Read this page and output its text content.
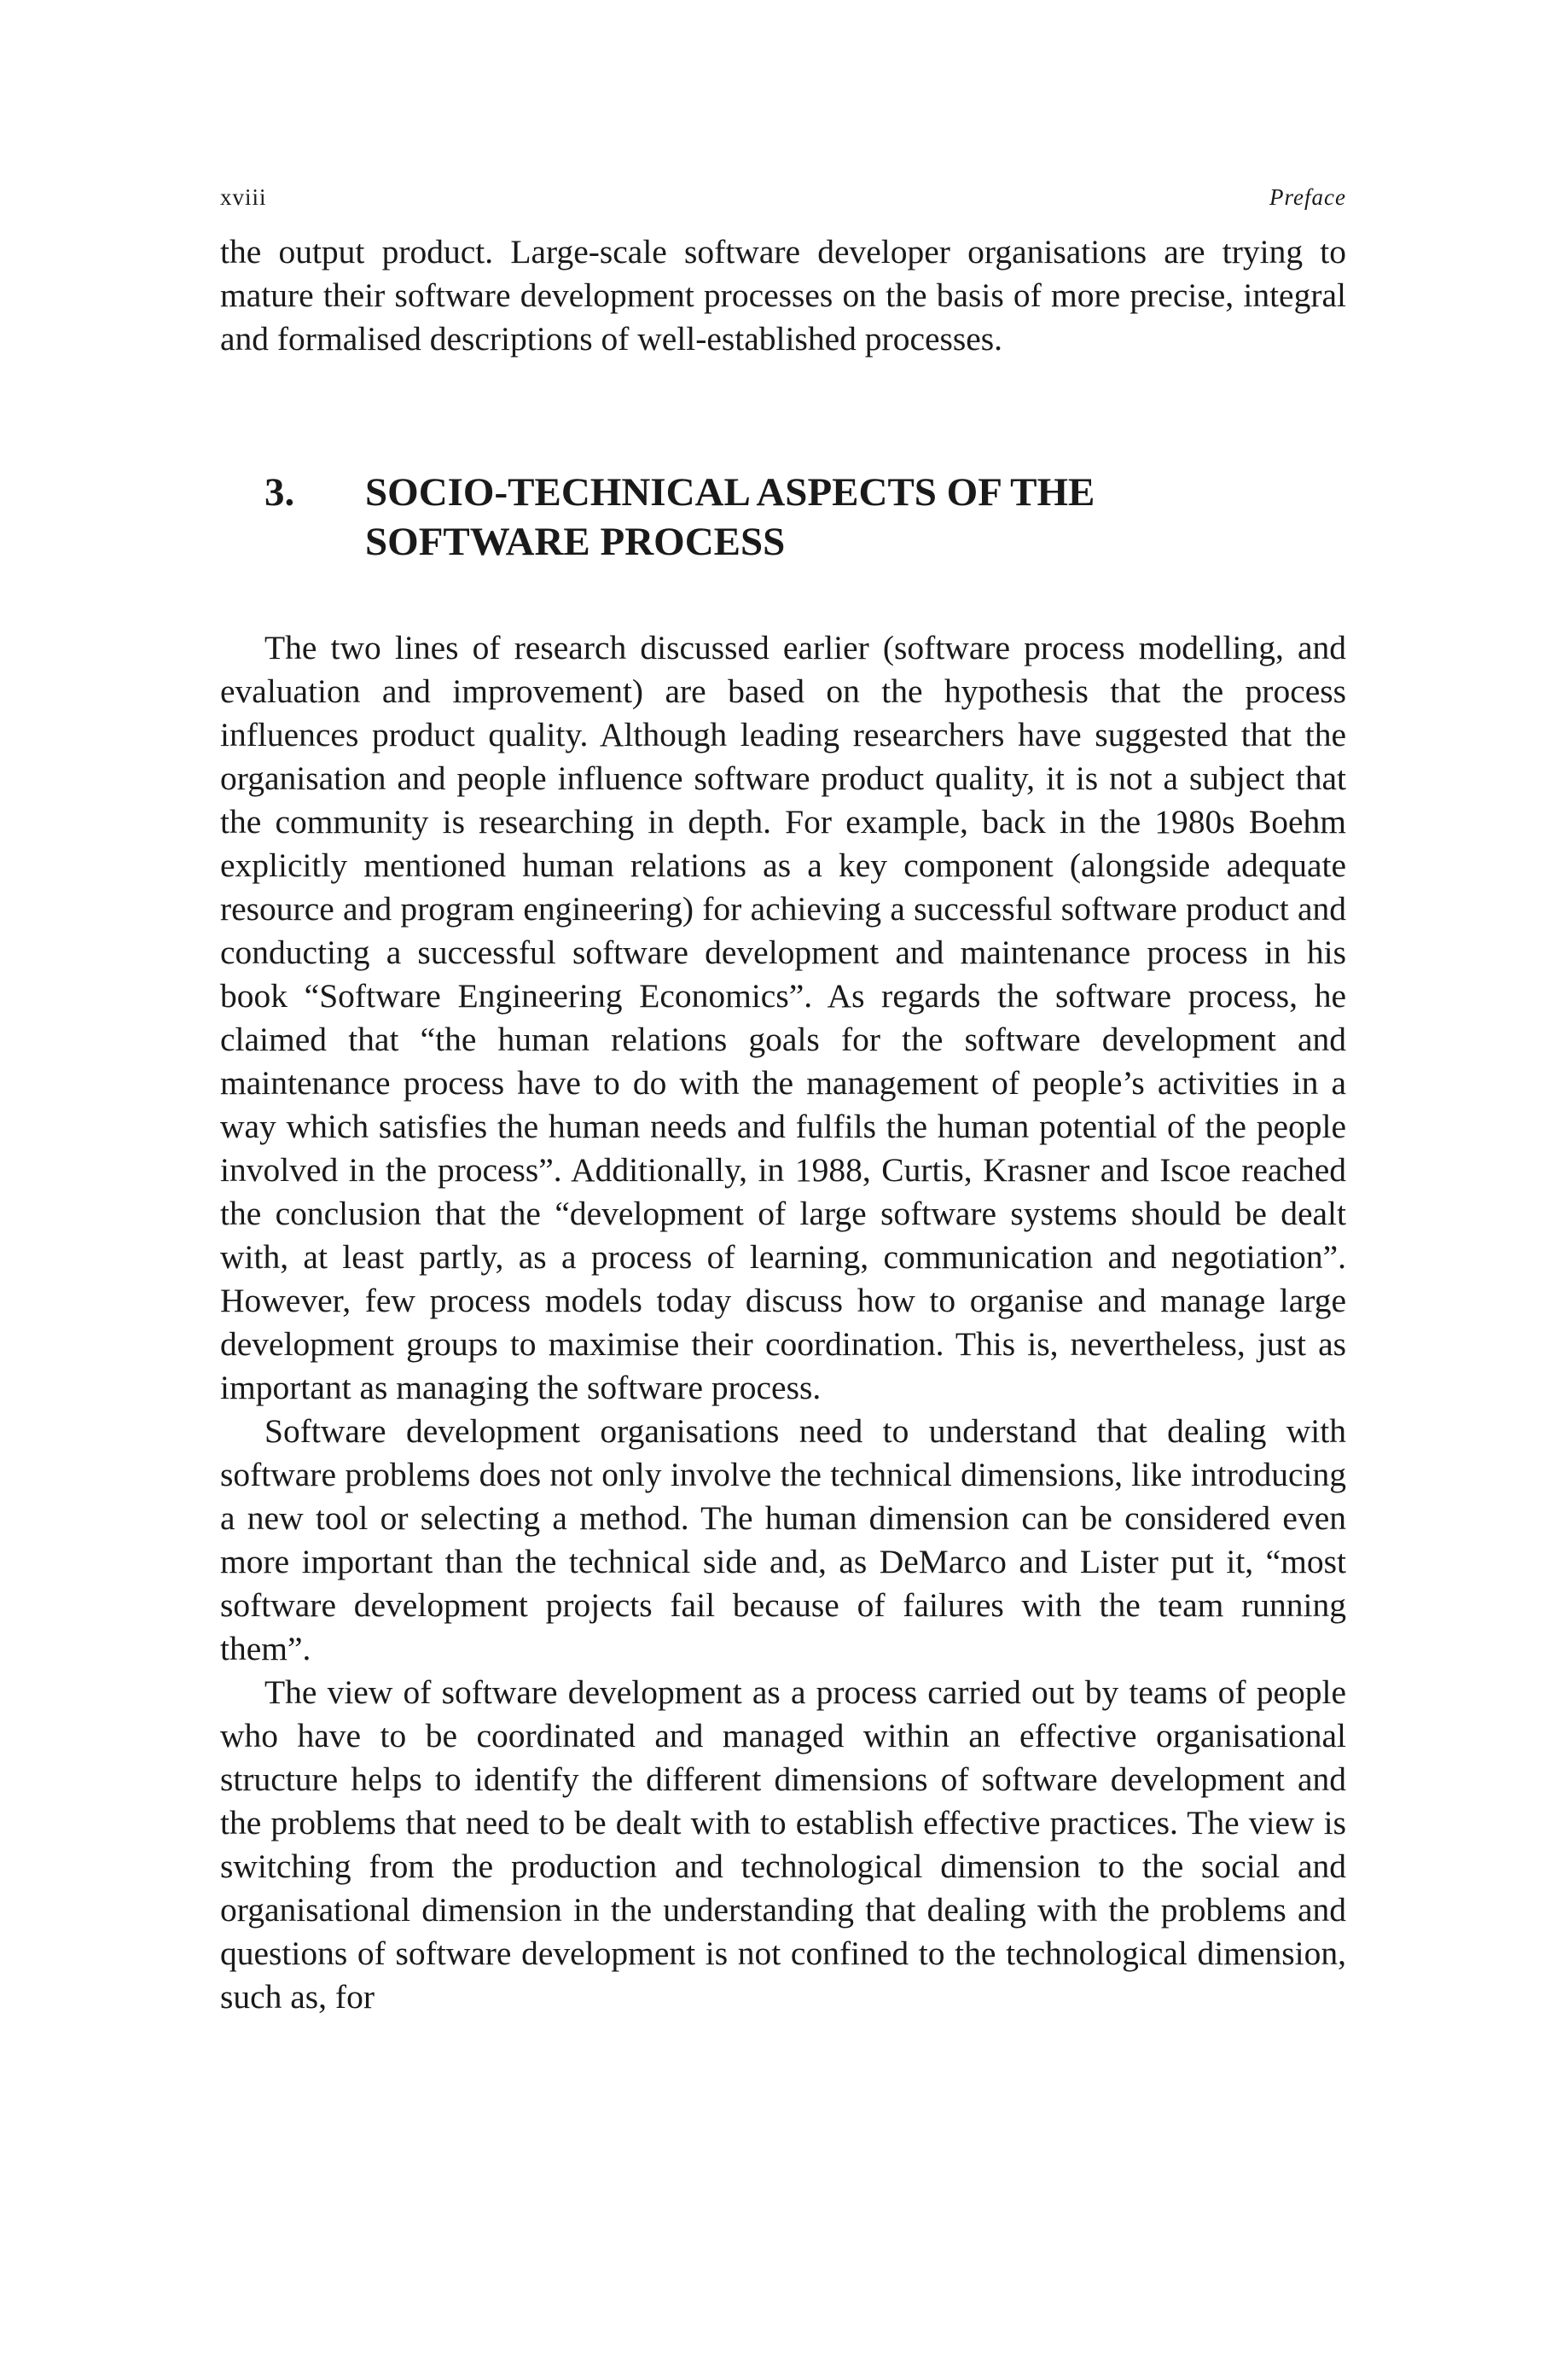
xviii	Preface

the output product. Large-scale software developer organisations are trying to mature their software development processes on the basis of more precise, integral and formalised descriptions of well-established processes.

3. SOCIO-TECHNICAL ASPECTS OF THE
SOFTWARE PROCESS

The two lines of research discussed earlier (software process modelling, and evaluation and improvement) are based on the hypothesis that the process influences product quality. Although leading researchers have suggested that the organisation and people influence software product quality, it is not a subject that the community is researching in depth. For example, back in the 1980s Boehm explicitly mentioned human relations as a key component (alongside adequate resource and program engineering) for achieving a successful software product and conducting a successful software development and maintenance process in his book “Software Engineering Economics”. As regards the software process, he claimed that “the human relations goals for the software development and maintenance process have to do with the management of people’s activities in a way which satisfies the human needs and fulfils the human potential of the people involved in the process”. Additionally, in 1988, Curtis, Krasner and Iscoe reached the conclusion that the “development of large software systems should be dealt with, at least partly, as a process of learning, communication and negotiation”. However, few process models today discuss how to organise and manage large development groups to maximise their coordination. This is, nevertheless, just as important as managing the software process.

Software development organisations need to understand that dealing with software problems does not only involve the technical dimensions, like introducing a new tool or selecting a method. The human dimension can be considered even more important than the technical side and, as DeMarco and Lister put it, “most software development projects fail because of failures with the team running them”.

The view of software development as a process carried out by teams of people who have to be coordinated and managed within an effective organisational structure helps to identify the different dimensions of software development and the problems that need to be dealt with to establish effective practices. The view is switching from the production and technological dimension to the social and organisational dimension in the understanding that dealing with the problems and questions of software development is not confined to the technological dimension, such as, for
